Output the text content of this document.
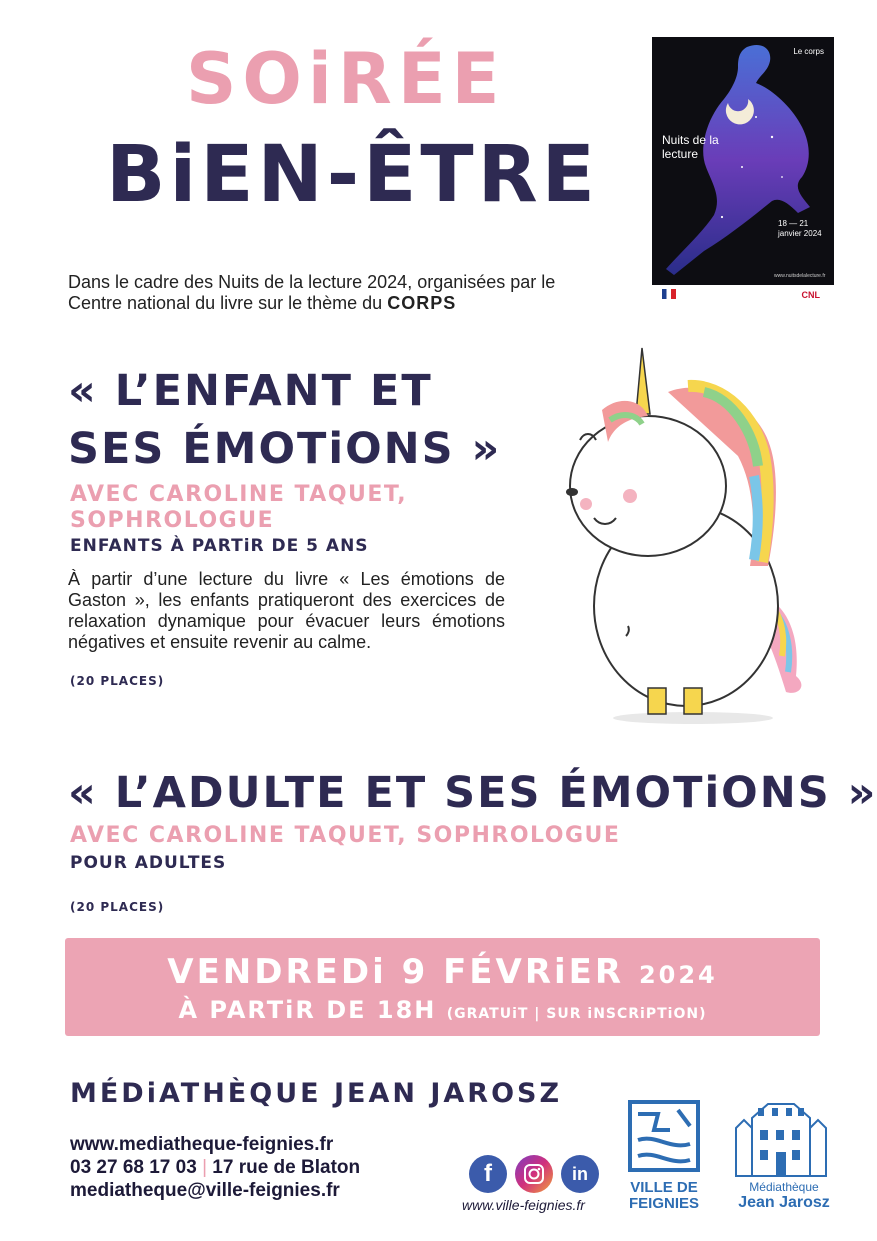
SOiRÉE
BiEN-ÊTRE
Dans le cadre des Nuits de la lecture 2024, organisées par le Centre national du livre sur le thème du CORPS
Le corps
Nuits de la lecture
18 — 21 janvier 2024
www.nuitsdelalecture.fr
CNL
« L’ENFANT ET SES ÉMOTiONS »
AVEC CAROLINE TAQUET, SOPHROLOGUE
ENFANTS À PARTiR DE 5 ANS
À partir d’une lecture du livre « Les émotions de Gaston », les enfants pratiqueront des exercices de relaxation dynamique pour évacuer leurs émotions négatives et ensuite revenir au calme.
(20 PLACES)
« L’ADULTE ET SES ÉMOTiONS »
AVEC CAROLINE TAQUET, SOPHROLOGUE
POUR ADULTES
(20 PLACES)
VENDREDi 9 FÉVRiER 2024
À PARTiR DE 18H (GRATUiT | SUR iNSCRiPTiON)
MÉDiATHÈQUE JEAN JAROSZ
www.mediatheque-feignies.fr
03 27 68 17 03 | 17 rue de Blaton
mediatheque@ville-feignies.fr
f	in
www.ville-feignies.fr
VILLE DE FEIGNIES
Médiathèque
Jean Jarosz
